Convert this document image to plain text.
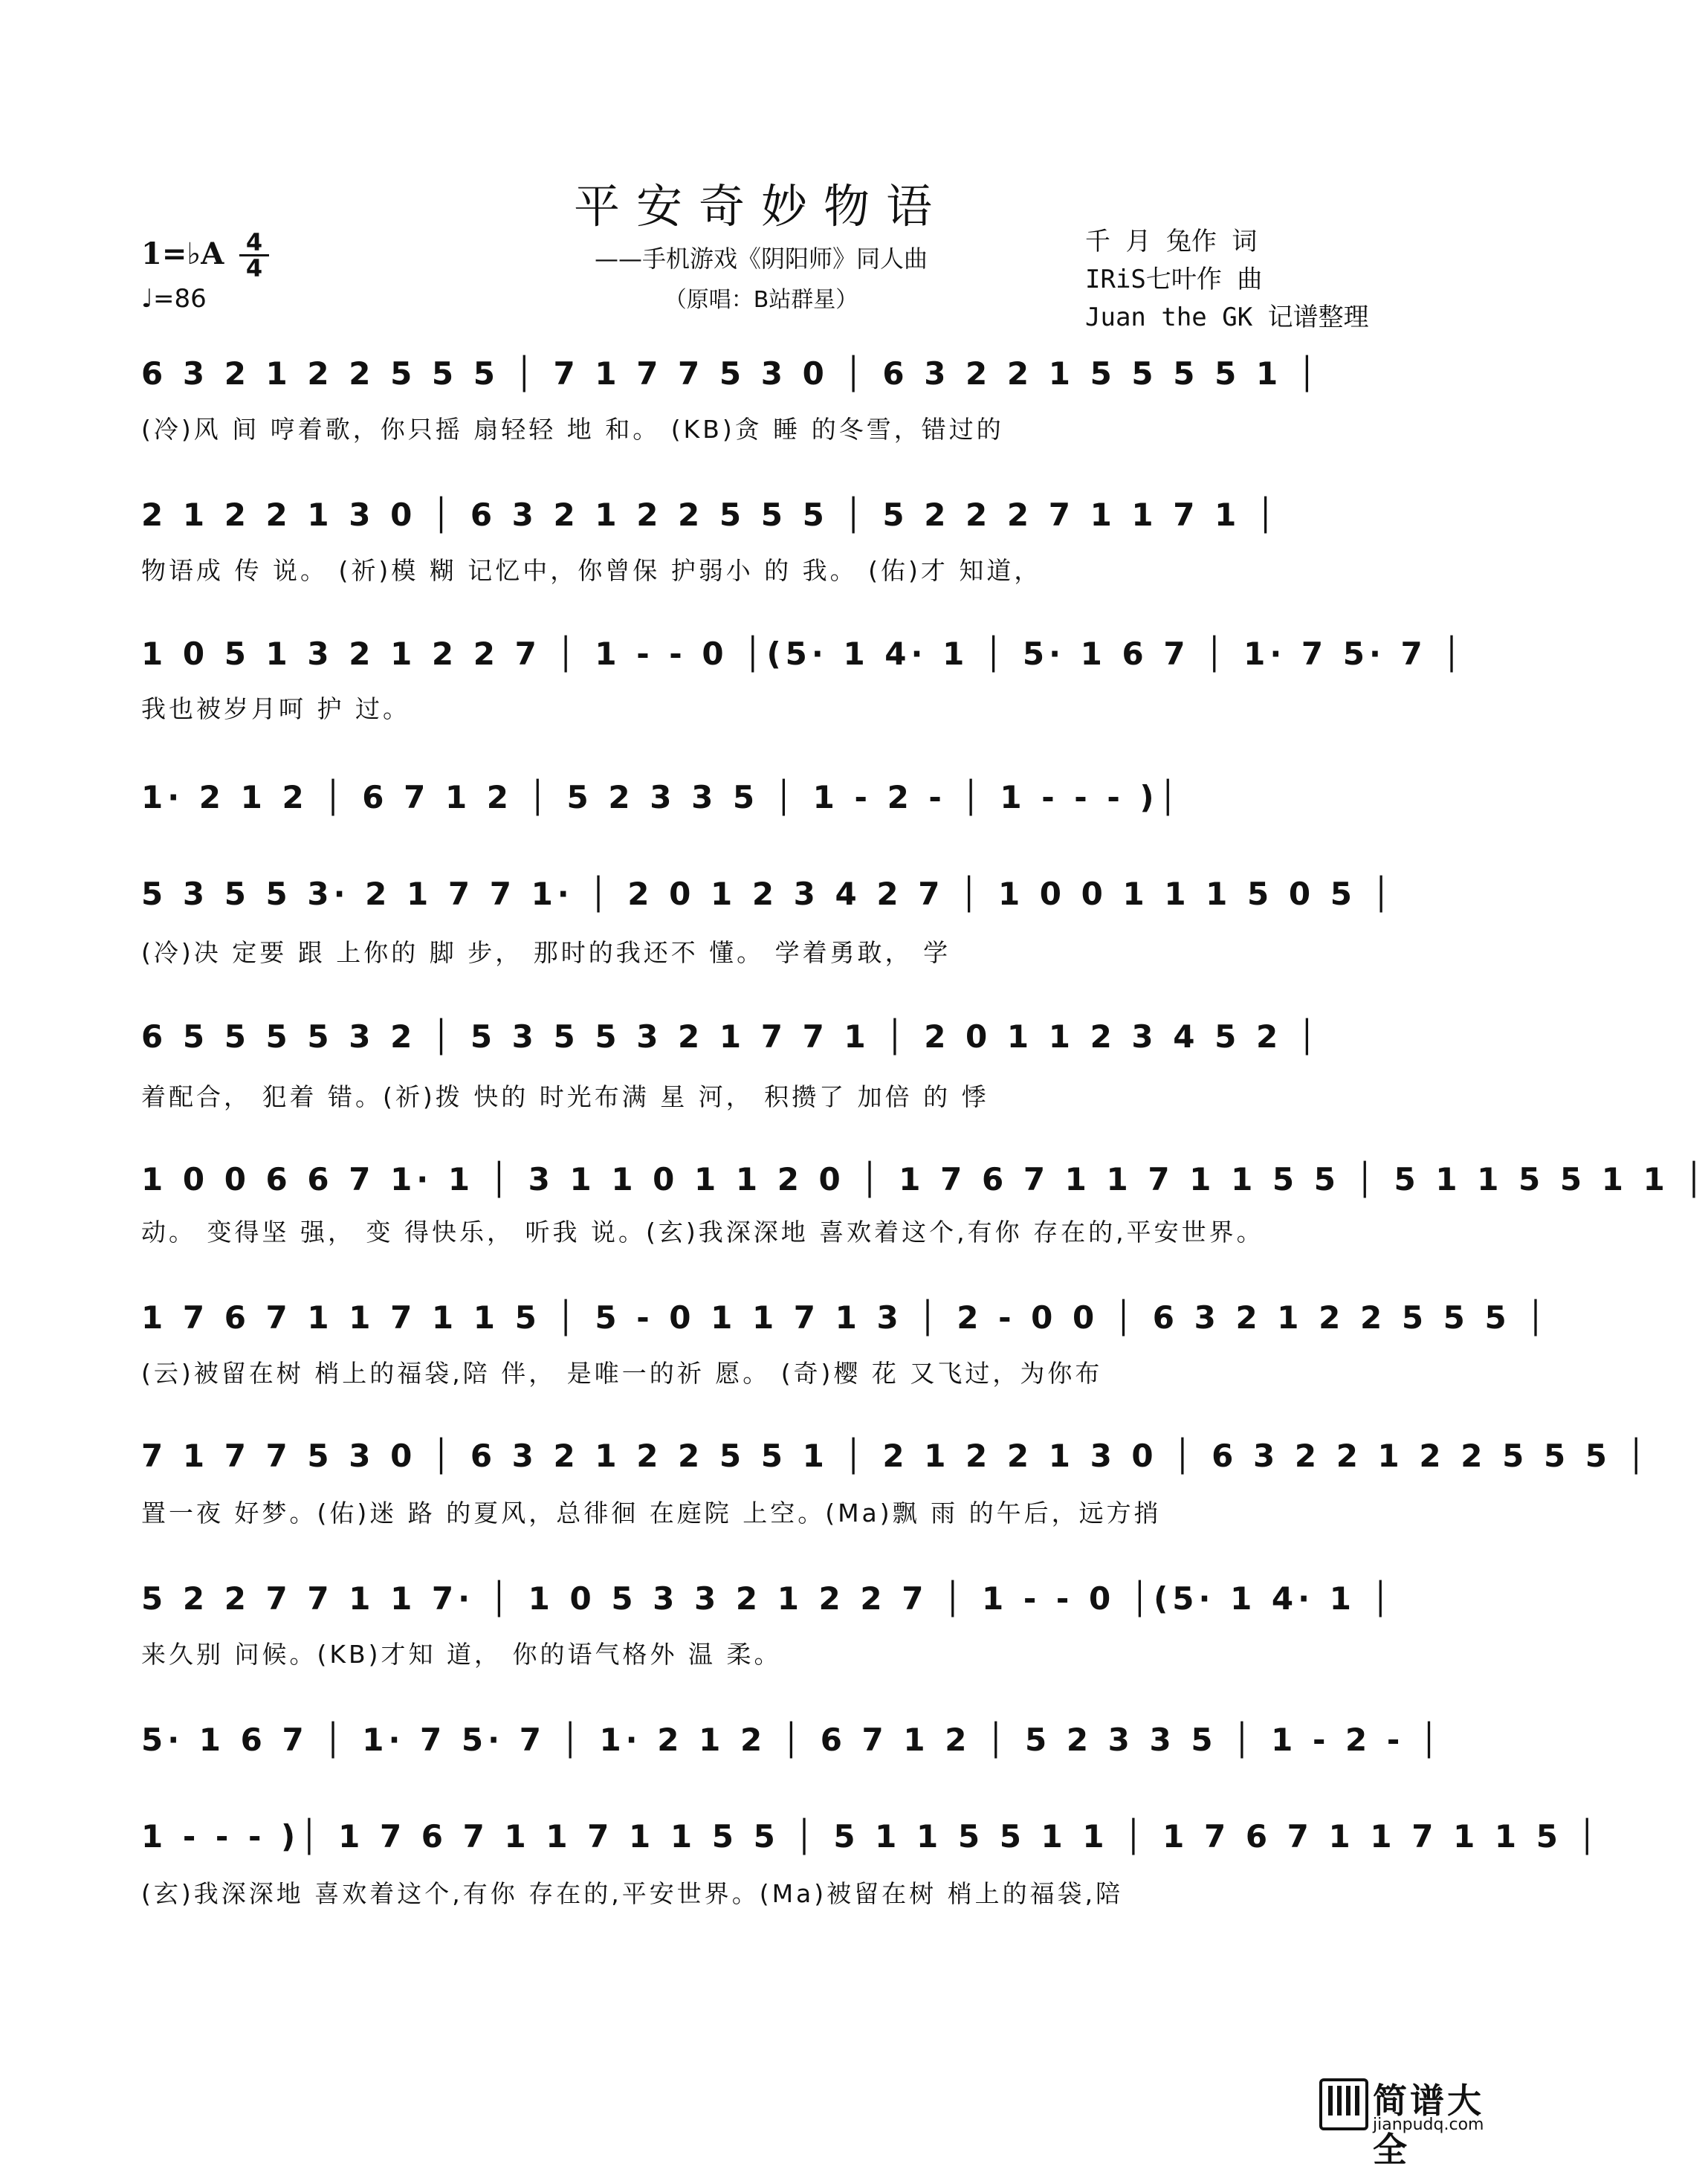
平安奇妙物语
——手机游戏《阴阳师》同人曲
（原唱：B站群星）
1=♭A 4
4
♩=86
千 月 兔作 词
IRiS七叶作 曲
Juan the GK 记谱整理
6 3 2 1 2 2 5 5 5 │ 7 1 7 7 5 3 0 │ 6 3 2 2 1 5 5 5 5 1 │
(冷)风 间 哼着歌，你只摇 扇轻轻 地 和。 (KB)贪 睡 的冬雪，错过的
2 1 2 2 1 3 0 │ 6 3 2 1 2 2 5 5 5 │ 5 2 2 2 7 1 1 7 1 │
物语成 传 说。 (祈)模 糊 记忆中，你曾保 护弱小 的 我。 (佑)才 知道，
1 0 5 1 3 2 1 2 2 7 │ 1 - - 0 │(5· 1 4· 1 │ 5· 1 6 7 │ 1· 7 5· 7 │
我也被岁月呵 护 过。
1· 2 1 2 │ 6 7 1 2 │ 5 2 3 3 5 │ 1 - 2 - │ 1 - - - )│
5 3 5 5 3· 2 1 7 7 1· │ 2 0 1 2 3 4 2 7 │ 1 0 0 1 1 1 5 0 5 │
(冷)决 定要 跟 上你的 脚 步， 那时的我还不 懂。 学着勇敢， 学
6 5 5 5 5 3 2 │ 5 3 5 5 3 2 1 7 7 1 │ 2 0 1 1 2 3 4 5 2 │
着配合， 犯着 错。(祈)拨 快的 时光布满 星 河， 积攒了 加倍 的 悸
1 0 0 6 6 7 1· 1 │ 3 1 1 0 1 1 2 0 │ 1 7 6 7 1 1 7 1 1 5 5 │ 5 1 1 5 5 1 1 │
动。 变得坚 强， 变 得快乐， 听我 说。(玄)我深深地 喜欢着这个,有你 存在的,平安世界。
1 7 6 7 1 1 7 1 1 5 │ 5 - 0 1 1 7 1 3 │ 2 - 0 0 │ 6 3 2 1 2 2 5 5 5 │
(云)被留在树 梢上的福袋,陪 伴， 是唯一的祈 愿。 (奇)樱 花 又飞过，为你布
7 1 7 7 5 3 0 │ 6 3 2 1 2 2 5 5 1 │ 2 1 2 2 1 3 0 │ 6 3 2 2 1 2 2 5 5 5 │
置一夜 好梦。(佑)迷 路 的夏风，总徘徊 在庭院 上空。(Ma)飘 雨 的午后，远方捎
5 2 2 7 7 1 1 7· │ 1 0 5 3 3 2 1 2 2 7 │ 1 - - 0 │(5· 1 4· 1 │
来久别 问候。(KB)才知 道， 你的语气格外 温 柔。
5· 1 6 7 │ 1· 7 5· 7 │ 1· 2 1 2 │ 6 7 1 2 │ 5 2 3 3 5 │ 1 - 2 - │
1 - - - )│ 1 7 6 7 1 1 7 1 1 5 5 │ 5 1 1 5 5 1 1 │ 1 7 6 7 1 1 7 1 1 5 │
(玄)我深深地 喜欢着这个,有你 存在的,平安世界。(Ma)被留在树 梢上的福袋,陪
简谱大全
jianpudq.com
